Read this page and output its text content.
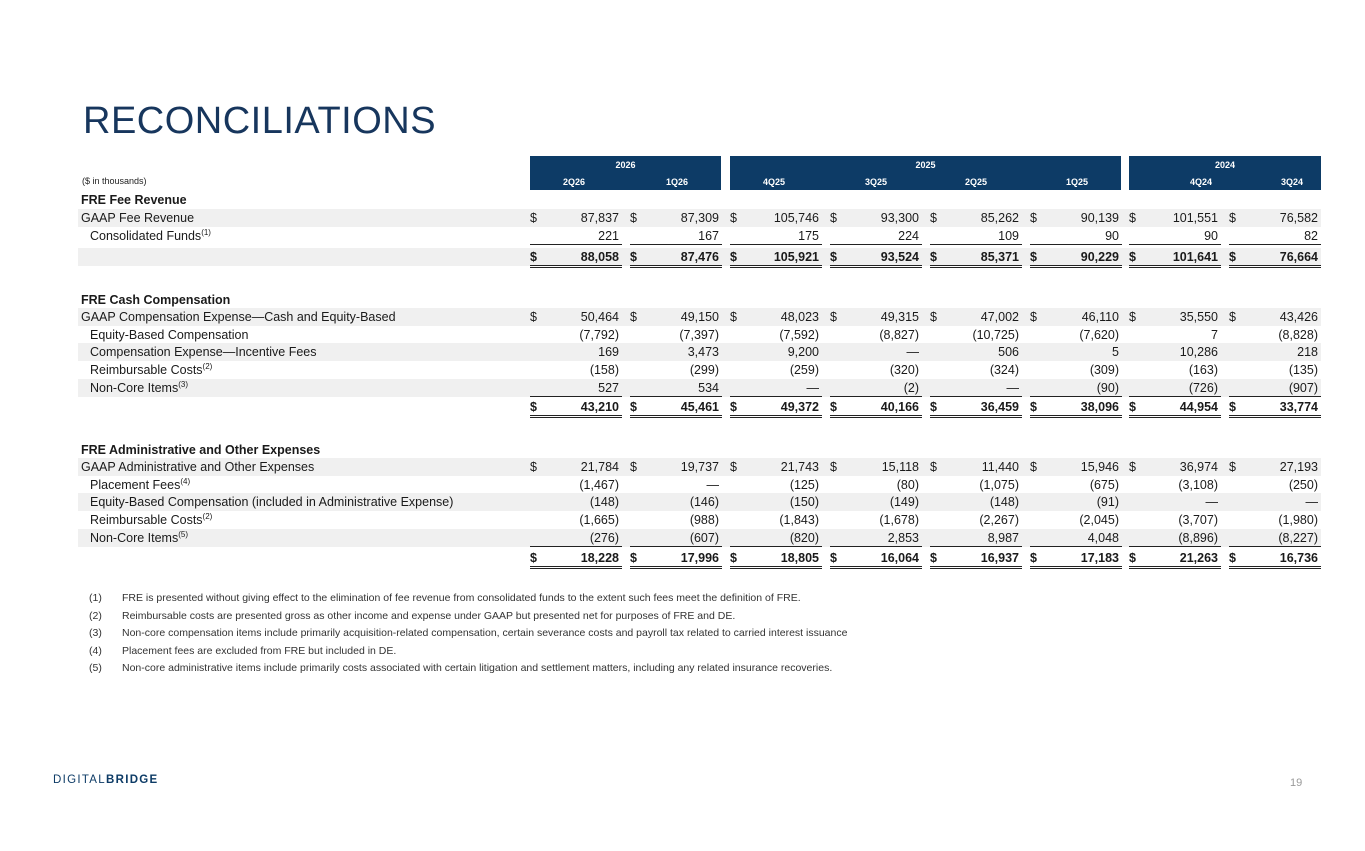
RECONCILIATIONS
2026
2Q26	1Q26
2025
4Q25	3Q25	2Q25	1Q25
2024
4Q24	3Q24
($ in thousands)
FRE Fee Revenue
GAAP Fee Revenue	$	87,837 $	87,309 $	105,746 $	93,300 $	85,262 $	90,139 $	101,551 $	76,582
Consolidated Funds$^{(1)}$	221	167	175	224	109	90	90	82
$	88,058 $	87,476 $	105,921 $	93,524 $	85,371 $	90,229 $	101,641 $	76,664
FRE Cash Compensation
GAAP Compensation Expense—Cash and Equity-Based	$	50,464 $	49,150 $	48,023 $	49,315 $	47,002 $	46,110 $	35,550 $	43,426
Equity-Based Compensation	(7,792)	(7,397)	(7,592)	(8,827)	(10,725)	(7,620)	7	(8,828)
Compensation Expense—Incentive Fees	169	3,473	9,200	—	506	5	10,286	218
Reimbursable Costs$^{(2)}$	(158)	(299)	(259)	(320)	(324)	(309)	(163)	(135)
Non-Core Items$^{(3)}$	527	534	—	(2)	—	(90)	(726)	(907)
$	43,210 $	45,461 $	49,372 $	40,166 $	36,459 $	38,096 $	44,954 $	33,774
FRE Administrative and Other Expenses
GAAP Administrative and Other Expenses	$	21,784 $	19,737 $	21,743 $	15,118 $	11,440 $	15,946 $	36,974 $	27,193
Placement Fees$^{(4)}$	(1,467)	—	(125)	(80)	(1,075)	(675)	(3,108)	(250)
Equity-Based Compensation (included in Administrative Expense)	(148)	(146)	(150)	(149)	(148)	(91)	—	—
Reimbursable Costs$^{(2)}$	(1,665)	(988)	(1,843)	(1,678)	(2,267)	(2,045)	(3,707)	(1,980)
Non-Core Items$^{(5)}$	(276)	(607)	(820)	2,853	8,987	4,048	(8,896)	(8,227)
$	18,228 $	17,996 $	18,805 $	16,064 $	16,937 $	17,183 $	21,263 $	16,736
(1) FRE is presented without giving effect to the elimination of fee revenue from consolidated funds to the extent such fees meet the definition of FRE.
(2) Reimbursable costs are presented gross as other income and expense under GAAP but presented net for purposes of FRE and DE.
(3) Non-core compensation items include primarily acquisition-related compensation, certain severance costs and payroll tax related to carried interest issuance
(4) Placement fees are excluded from FRE but included in DE.
(5) Non-core administrative items include primarily costs associated with certain litigation and settlement matters, including any related insurance recoveries.
DIGITALBRIDGE	19
